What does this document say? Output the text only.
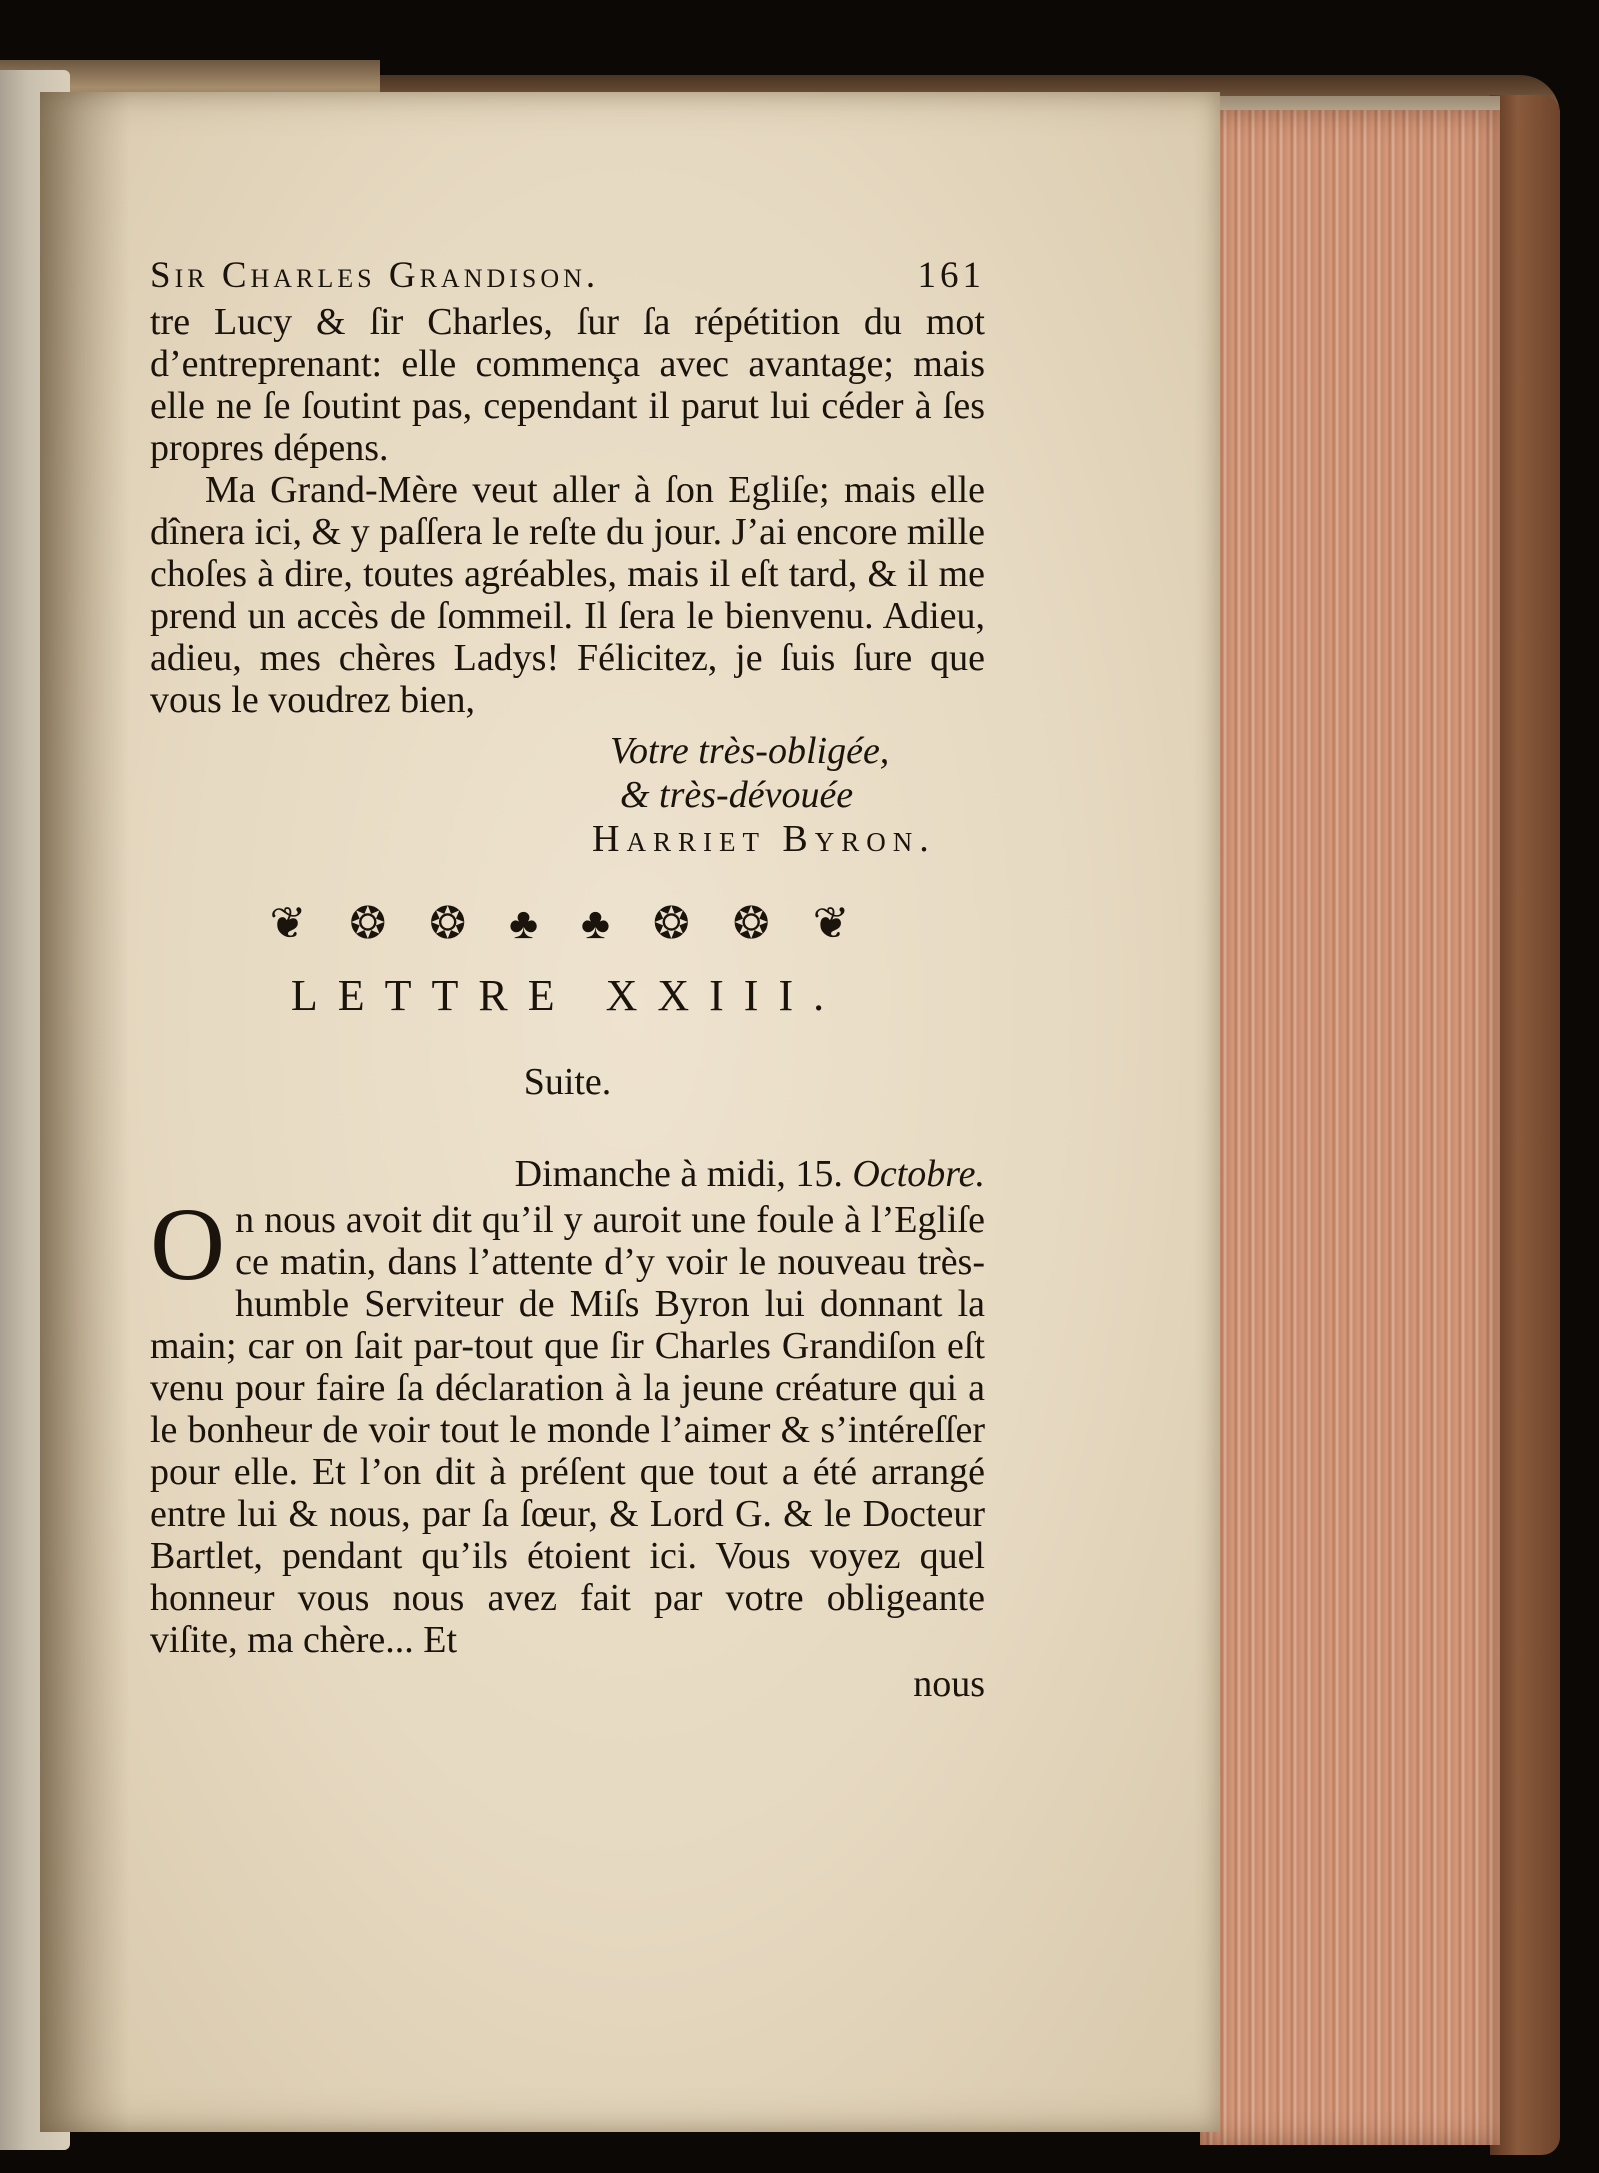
Sir Charles Grandison.	161

tre Lucy & ſir Charles, ſur ſa répétition du mot d’entreprenant: elle commença avec avantage; mais elle ne ſe ſoutint pas, cependant il parut lui céder à ſes propres dépens.

Ma Grand-Mère veut aller à ſon Egliſe; mais elle dînera ici, & y paſſera le reſte du jour. J’ai encore mille choſes à dire, toutes agréables, mais il eſt tard, & il me prend un accès de ſommeil. Il ſera le bienvenu. Adieu, adieu, mes chères Ladys! Félicitez, je ſuis ſure que vous le voudrez bien,

Votre très-obligée,
& très-dévouée
Harriet Byron.
❦ ❂ ❂ ♣ ♣ ❂ ❂ ❦
LETTRE XXIII.
Suite.
Dimanche à midi, 15. Octobre.

On nous avoit dit qu’il y auroit une foule à l’Egliſe ce matin, dans l’attente d’y voir le nouveau très-humble Serviteur de Miſs Byron lui donnant la main; car on ſait par-tout que ſir Charles Grandiſon eſt venu pour faire ſa déclaration à la jeune créature qui a le bonheur de voir tout le monde l’aimer & s’intéreſſer pour elle. Et l’on dit à préſent que tout a été arrangé entre lui & nous, par ſa ſœur, & Lord G. & le Docteur Bartlet, pendant qu’ils étoient ici. Vous voyez quel honneur vous nous avez fait par votre obligeante viſite, ma chère... Et

nous
